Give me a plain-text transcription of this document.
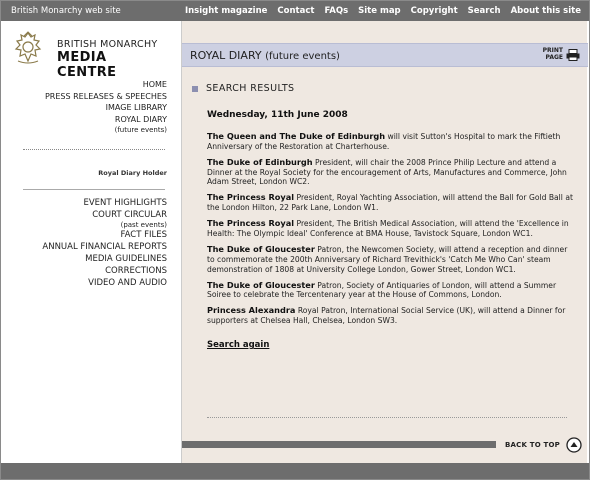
British Monarchy web site	Insight magazine Contact FAQs Site map Copyright Search About this site
BRITISH MONARCHY
MEDIA CENTRE
HOME
PRESS RELEASES & SPEECHES
IMAGE LIBRARY
ROYAL DIARY
(future events)
Royal Diary Holder
EVENT HIGHLIGHTS
COURT CIRCULAR
(past events)
FACT FILES
ANNUAL FINANCIAL REPORTS
MEDIA GUIDELINES
CORRECTIONS
VIDEO AND AUDIO
ROYAL DIARY (future events)
PRINT
PAGE
SEARCH RESULTS
Wednesday, 11th June 2008
The Queen and The Duke of Edinburgh will visit Sutton's Hospital to mark the Fiftieth Anniversary of the Restoration at Charterhouse.
The Duke of Edinburgh President, will chair the 2008 Prince Philip Lecture and attend a Dinner at the Royal Society for the encouragement of Arts, Manufactures and Commerce, John Adam Street, London WC2.
The Princess Royal President, Royal Yachting Association, will attend the Ball for Gold Ball at the London Hilton, 22 Park Lane, London W1.
The Princess Royal President, The British Medical Association, will attend the 'Excellence in Health: The Olympic Ideal' Conference at BMA House, Tavistock Square, London WC1.
The Duke of Gloucester Patron, the Newcomen Society, will attend a reception and dinner to commemorate the 200th Anniversary of Richard Trevithick's 'Catch Me Who Can' steam demonstration of 1808 at University College London, Gower Street, London WC1.
The Duke of Gloucester Patron, Society of Antiquaries of London, will attend a Summer Soiree to celebrate the Tercentenary year at the House of Commons, London.
Princess Alexandra Royal Patron, International Social Service (UK), will attend a Dinner for supporters at Chelsea Hall, Chelsea, London SW3.
Search again
BACK TO TOP
